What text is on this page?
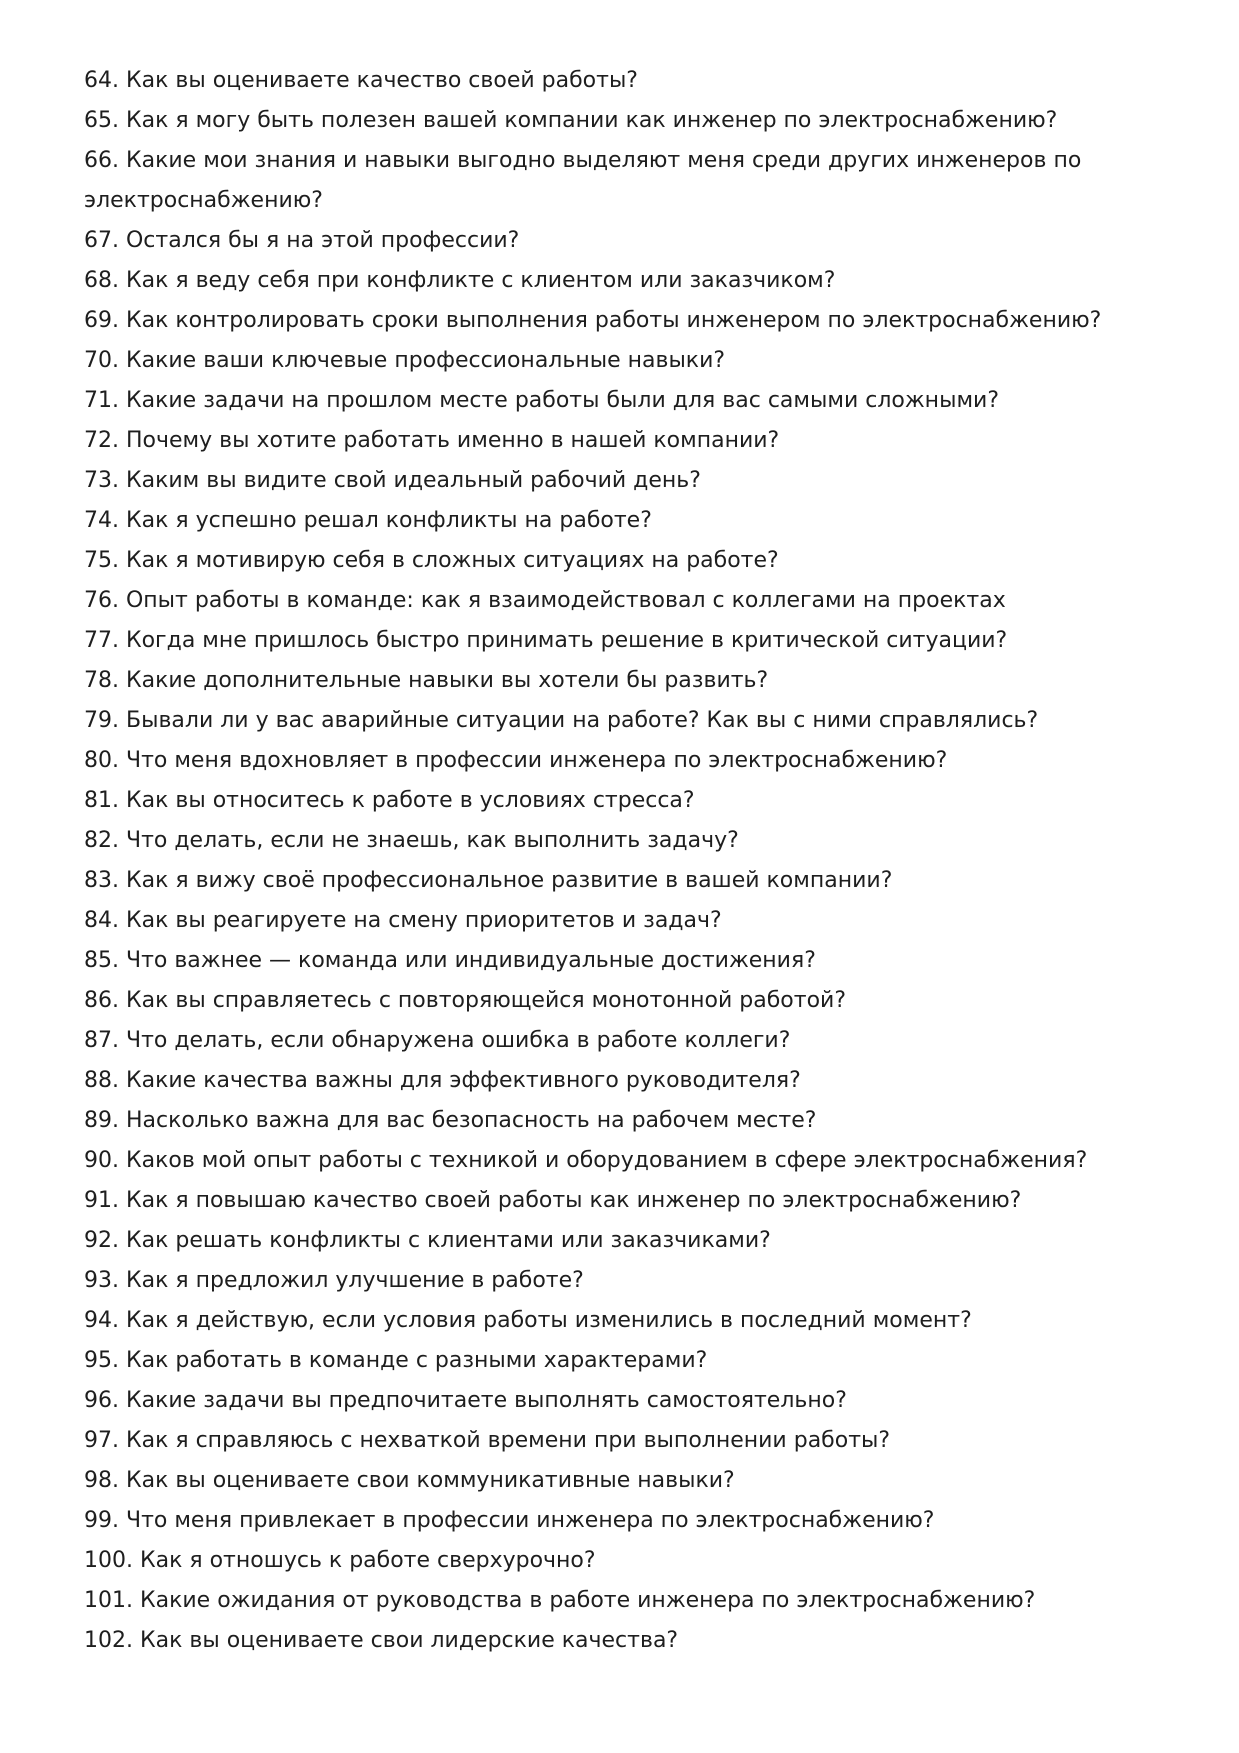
64. Как вы оцениваете качество своей работы?
65. Как я могу быть полезен вашей компании как инженер по электроснабжению?
66. Какие мои знания и навыки выгодно выделяют меня среди других инженеров по электроснабжению?
67. Остался бы я на этой профессии?
68. Как я веду себя при конфликте с клиентом или заказчиком?
69. Как контролировать сроки выполнения работы инженером по электроснабжению?
70. Какие ваши ключевые профессиональные навыки?
71. Какие задачи на прошлом месте работы были для вас самыми сложными?
72. Почему вы хотите работать именно в нашей компании?
73. Каким вы видите свой идеальный рабочий день?
74. Как я успешно решал конфликты на работе?
75. Как я мотивирую себя в сложных ситуациях на работе?
76. Опыт работы в команде: как я взаимодействовал с коллегами на проектах
77. Когда мне пришлось быстро принимать решение в критической ситуации?
78. Какие дополнительные навыки вы хотели бы развить?
79. Бывали ли у вас аварийные ситуации на работе? Как вы с ними справлялись?
80. Что меня вдохновляет в профессии инженера по электроснабжению?
81. Как вы относитесь к работе в условиях стресса?
82. Что делать, если не знаешь, как выполнить задачу?
83. Как я вижу своё профессиональное развитие в вашей компании?
84. Как вы реагируете на смену приоритетов и задач?
85. Что важнее — команда или индивидуальные достижения?
86. Как вы справляетесь с повторяющейся монотонной работой?
87. Что делать, если обнаружена ошибка в работе коллеги?
88. Какие качества важны для эффективного руководителя?
89. Насколько важна для вас безопасность на рабочем месте?
90. Каков мой опыт работы с техникой и оборудованием в сфере электроснабжения?
91. Как я повышаю качество своей работы как инженер по электроснабжению?
92. Как решать конфликты с клиентами или заказчиками?
93. Как я предложил улучшение в работе?
94. Как я действую, если условия работы изменились в последний момент?
95. Как работать в команде с разными характерами?
96. Какие задачи вы предпочитаете выполнять самостоятельно?
97. Как я справляюсь с нехваткой времени при выполнении работы?
98. Как вы оцениваете свои коммуникативные навыки?
99. Что меня привлекает в профессии инженера по электроснабжению?
100. Как я отношусь к работе сверхурочно?
101. Какие ожидания от руководства в работе инженера по электроснабжению?
102. Как вы оцениваете свои лидерские качества?
